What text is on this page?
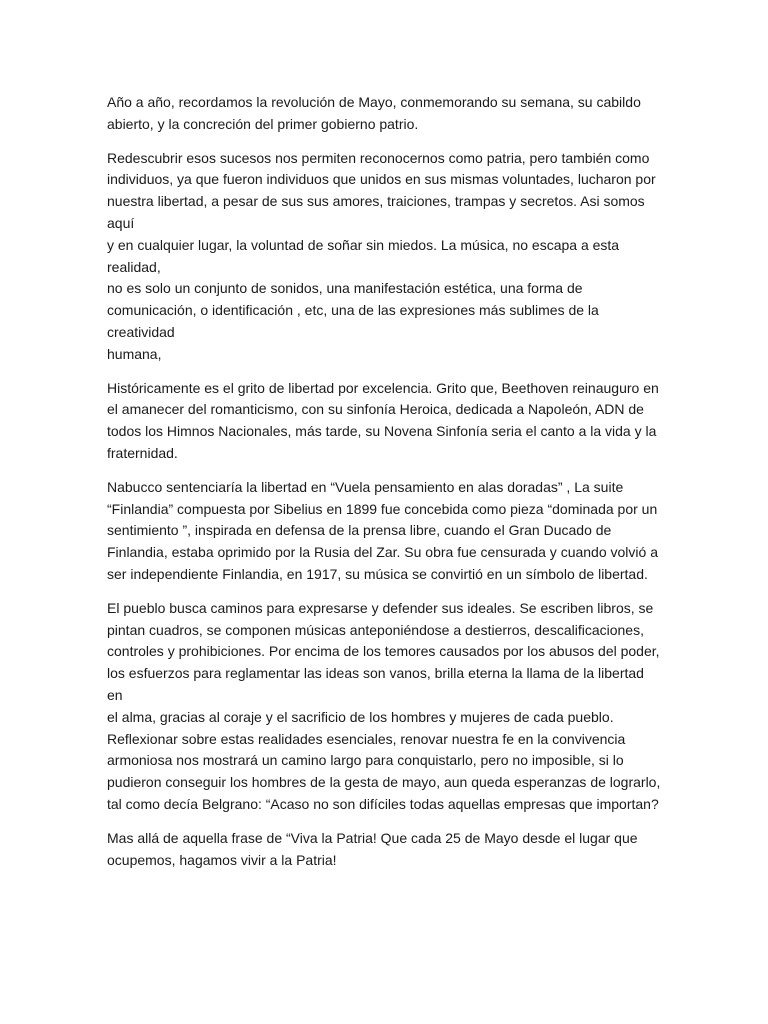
Año a año, recordamos la revolución de Mayo, conmemorando su semana, su cabildo
abierto, y la concreción del primer gobierno patrio.

Redescubrir esos sucesos nos permiten reconocernos como patria, pero también como
individuos, ya que fueron individuos que unidos en sus mismas voluntades, lucharon por
nuestra libertad, a pesar de sus sus amores, traiciones, trampas y secretos. Asi somos aquí
y en cualquier lugar, la voluntad de soñar sin miedos. La música, no escapa a esta realidad,
no es solo un conjunto de sonidos, una manifestación estética, una forma de
comunicación, o identificación , etc, una de las expresiones más sublimes de la creatividad
humana,

Históricamente es el grito de libertad por excelencia. Grito que, Beethoven reinauguro en
el amanecer del romanticismo, con su sinfonía Heroica, dedicada a Napoleón, ADN de
todos los Himnos Nacionales, más tarde, su Novena Sinfonía seria el canto a la vida y la
fraternidad.

Nabucco sentenciaría la libertad en “Vuela pensamiento en alas doradas” , La suite
“Finlandia” compuesta por Sibelius en 1899 fue concebida como pieza “dominada por un
sentimiento ”, inspirada en defensa de la prensa libre, cuando el Gran Ducado de
Finlandia, estaba oprimido por la Rusia del Zar. Su obra fue censurada y cuando volvió a
ser independiente Finlandia, en 1917, su música se convirtió en un símbolo de libertad.

El pueblo busca caminos para expresarse y defender sus ideales. Se escriben libros, se
pintan cuadros, se componen músicas anteponiéndose a destierros, descalificaciones,
controles y prohibiciones. Por encima de los temores causados por los abusos del poder,
los esfuerzos para reglamentar las ideas son vanos, brilla eterna la llama de la libertad en
el alma, gracias al coraje y el sacrificio de los hombres y mujeres de cada pueblo.
Reflexionar sobre estas realidades esenciales, renovar nuestra fe en la convivencia
armoniosa nos mostrará un camino largo para conquistarlo, pero no imposible, si lo
pudieron conseguir los hombres de la gesta de mayo, aun queda esperanzas de lograrlo,
tal como decía Belgrano: “Acaso no son difíciles todas aquellas empresas que importan?

Mas allá de aquella frase de “Viva la Patria! Que cada 25 de Mayo desde el lugar que
ocupemos, hagamos vivir a la Patria!
